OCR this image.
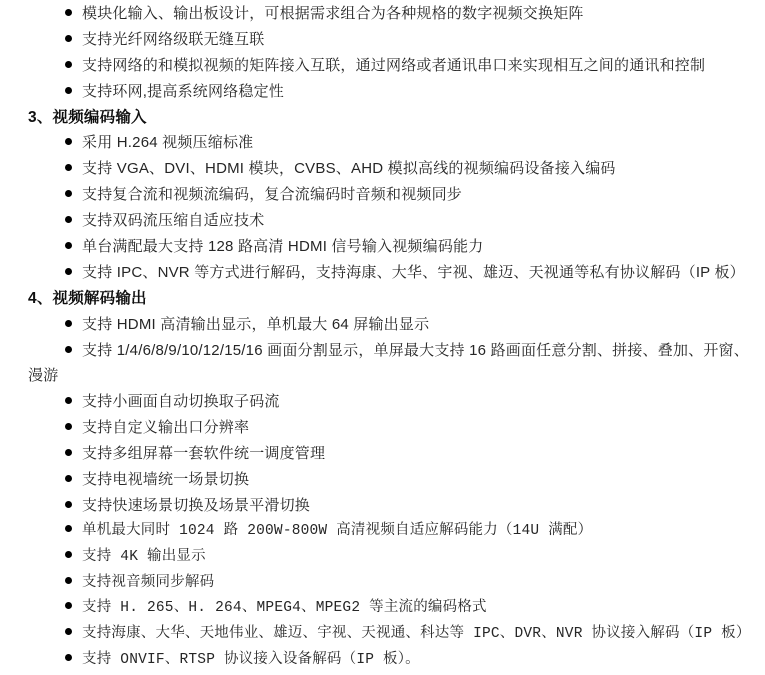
模块化输入、输出板设计，可根据需求组合为各种规格的数字视频交换矩阵
支持光纤网络级联无缝互联
支持网络的和模拟视频的矩阵接入互联，通过网络或者通讯串口来实现相互之间的通讯和控制
支持环网,提高系统网络稳定性
3、视频编码输入
采用 H.264 视频压缩标准
支持 VGA、DVI、HDMI 模块，CVBS、AHD 模拟高线的视频编码设备接入编码
支持复合流和视频流编码，复合流编码时音频和视频同步
支持双码流压缩自适应技术
单台满配最大支持 128 路高清 HDMI 信号输入视频编码能力
支持 IPC、NVR 等方式进行解码，支持海康、大华、宇视、雄迈、天视通等私有协议解码（IP 板）
4、视频解码输出
支持 HDMI 高清输出显示，单机最大 64 屏输出显示
支持 1/4/6/8/9/10/12/15/16 画面分割显示，单屏最大支持 16 路画面任意分割、拼接、叠加、开窗、
漫游
支持小画面自动切换取子码流
支持自定义输出口分辨率
支持多组屏幕一套软件统一调度管理
支持电视墙统一场景切换
支持快速场景切换及场景平滑切换
单机最大同时 1024 路 200W-800W 高清视频自适应解码能力（14U 满配）
支持 4K 输出显示
支持视音频同步解码
支持 H. 265、H. 264、MPEG4、MPEG2 等主流的编码格式
支持海康、大华、天地伟业、雄迈、宇视、天视通、科达等 IPC、DVR、NVR 协议接入解码（IP 板）
支持 ONVIF、RTSP 协议接入设备解码（IP 板）。
